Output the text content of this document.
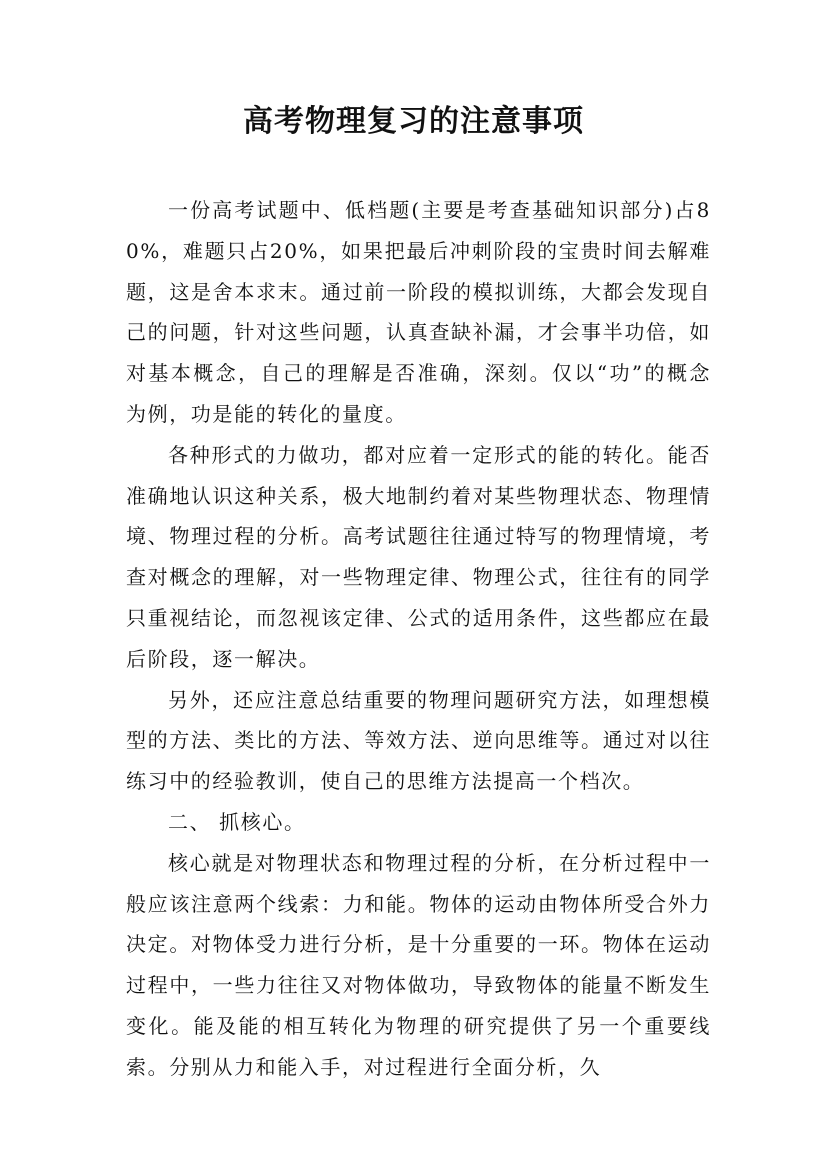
高考物理复习的注意事项

一份高考试题中、低档题(主要是考查基础知识部分)占80%，难题只占20%，如果把最后冲刺阶段的宝贵时间去解难题，这是舍本求末。通过前一阶段的模拟训练，大都会发现自己的问题，针对这些问题，认真查缺补漏，才会事半功倍，如对基本概念，自己的理解是否准确，深刻。仅以“功”的概念为例，功是能的转化的量度。

各种形式的力做功，都对应着一定形式的能的转化。能否准确地认识这种关系，极大地制约着对某些物理状态、物理情境、物理过程的分析。高考试题往往通过特写的物理情境，考查对概念的理解，对一些物理定律、物理公式，往往有的同学只重视结论，而忽视该定律、公式的适用条件，这些都应在最后阶段，逐一解决。

另外，还应注意总结重要的物理问题研究方法，如理想模型的方法、类比的方法、等效方法、逆向思维等。通过对以往练习中的经验教训，使自己的思维方法提高一个档次。

二、 抓核心。

核心就是对物理状态和物理过程的分析，在分析过程中一般应该注意两个线索：力和能。物体的运动由物体所受合外力决定。对物体受力进行分析，是十分重要的一环。物体在运动过程中，一些力往往又对物体做功，导致物体的能量不断发生变化。能及能的相互转化为物理的研究提供了另一个重要线索。分别从力和能入手，对过程进行全面分析，久
